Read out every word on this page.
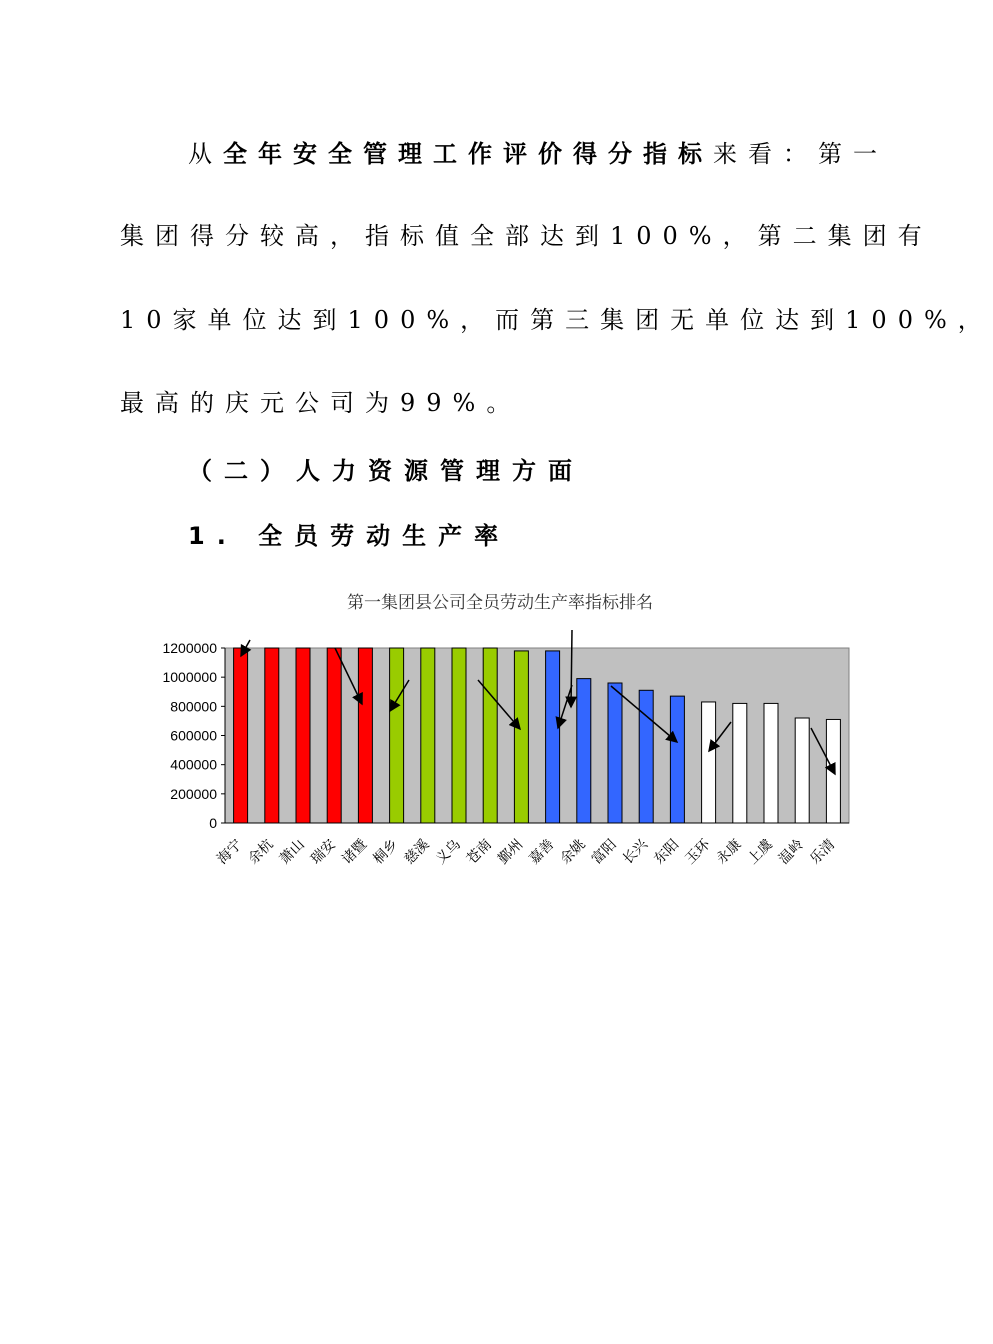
从全年安全管理工作评价得分指标来看：第一
集团得分较高，指标值全部达到100%，第二集团有
10家单位达到100%，而第三集团无单位达到100%，
最高的庆元公司为99%。
（二）人力资源管理方面
1. 全员劳动生产率
第一集团县公司全员劳动生产率指标排名
0
200000
400000
600000
800000
1000000
1200000
海宁 余杭 萧山 瑞安 诸暨 桐乡 慈溪 义乌 苍南 鄞州 嘉善 余姚 富阳 长兴 东阳 玉环 永康 上虞 温岭 乐清
